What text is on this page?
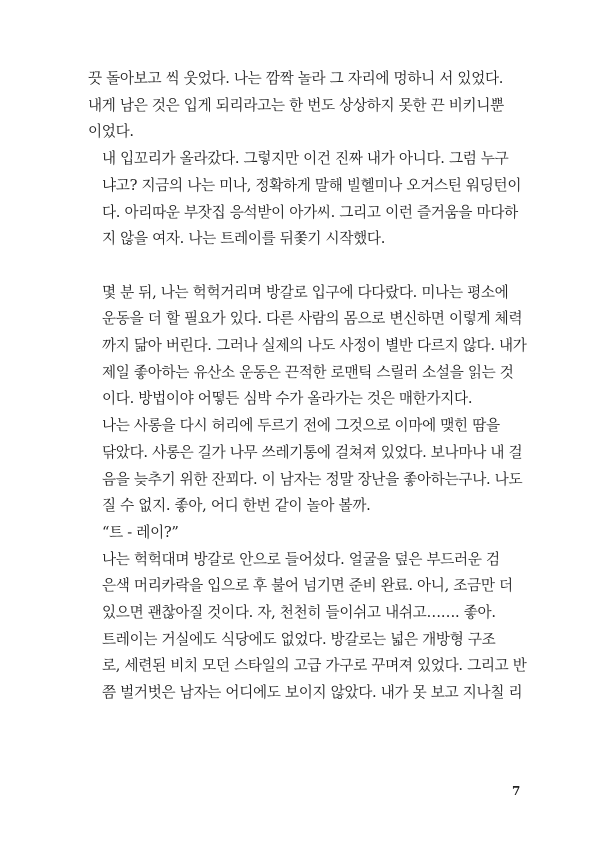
끗 돌아보고 씩 웃었다. 나는 깜짝 놀라 그 자리에 멍하니 서 있었다.
내게 남은 것은 입게 되리라고는 한 번도 상상하지 못한 끈 비키니뿐
이었다.

내 입꼬리가 올라갔다. 그렇지만 이건 진짜 내가 아니다. 그럼 누구
냐고? 지금의 나는 미나, 정확하게 말해 빌헬미나 오거스틴 워딩턴이
다. 아리따운 부잣집 응석받이 아가씨. 그리고 이런 즐거움을 마다하
지 않을 여자. 나는 트레이를 뒤쫓기 시작했다.

몇 분 뒤, 나는 헉헉거리며 방갈로 입구에 다다랐다. 미나는 평소에
운동을 더 할 필요가 있다. 다른 사람의 몸으로 변신하면 이렇게 체력
까지 닮아 버린다. 그러나 실제의 나도 사정이 별반 다르지 않다. 내가
제일 좋아하는 유산소 운동은 끈적한 로맨틱 스릴러 소설을 읽는 것
이다. 방법이야 어떻든 심박 수가 올라가는 것은 매한가지다.

나는 사롱을 다시 허리에 두르기 전에 그것으로 이마에 맺힌 땀을
닦았다. 사롱은 길가 나무 쓰레기통에 걸쳐져 있었다. 보나마나 내 걸
음을 늦추기 위한 잔꾀다. 이 남자는 정말 장난을 좋아하는구나. 나도
질 수 없지. 좋아, 어디 한번 같이 놀아 볼까.

“트 - 레이?”

나는 헉헉대며 방갈로 안으로 들어섰다. 얼굴을 덮은 부드러운 검
은색 머리카락을 입으로 후 불어 넘기면 준비 완료. 아니, 조금만 더
있으면 괜찮아질 것이다. 자, 천천히 들이쉬고 내쉬고……. 좋아.

트레이는 거실에도 식당에도 없었다. 방갈로는 넓은 개방형 구조
로, 세련된 비치 모던 스타일의 고급 가구로 꾸며져 있었다. 그리고 반
쯤 벌거벗은 남자는 어디에도 보이지 않았다. 내가 못 보고 지나칠 리

7
